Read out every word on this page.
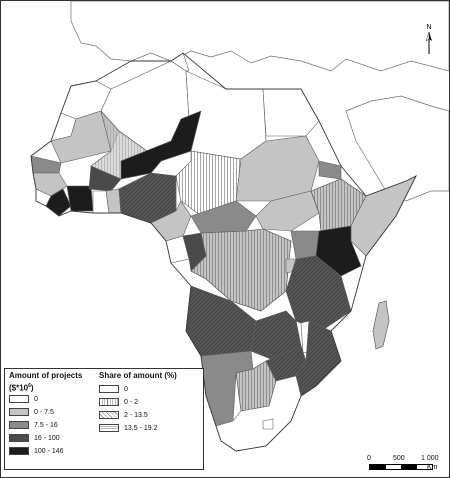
N
Amount of projects
$(\$*10^6)$
0
0 - 7.5
7.5 - 16
16 - 100
100 - 146
Share of amount (%)
0
0 - 2
2 - 13.5
13.5 - 19.2
0	500 1 000
Km
